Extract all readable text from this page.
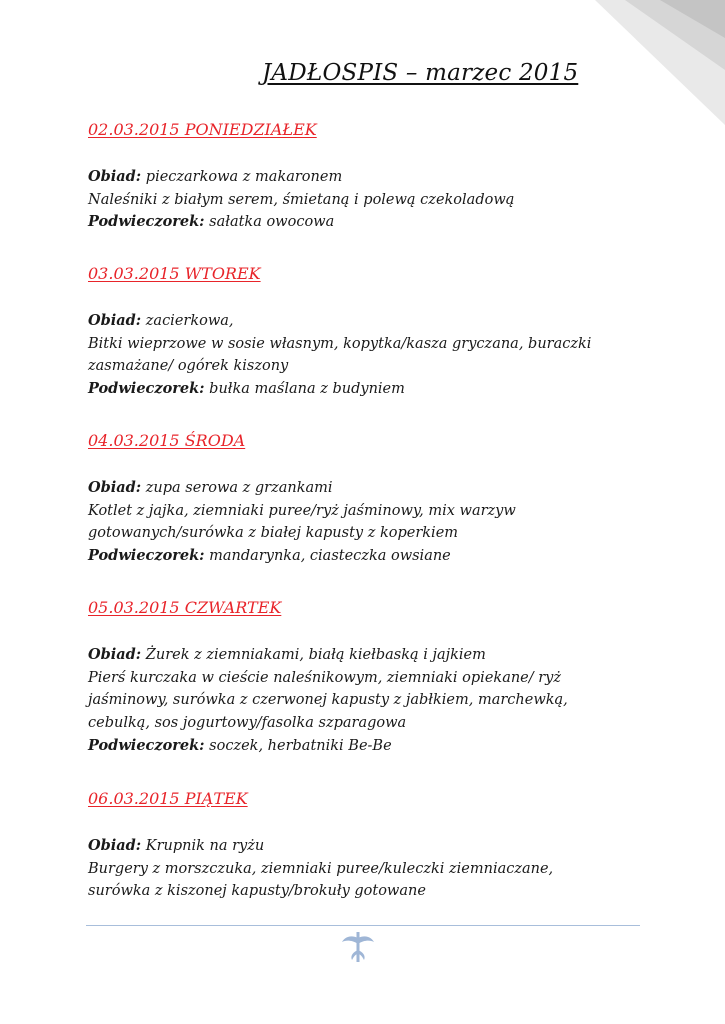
JADŁOSPIS – marzec 2015

02.03.2015 PONIEDZIAŁEK

Obiad: pieczarkowa z makaronem

Naleśniki z białym serem, śmietaną i polewą czekoladową

Podwieczorek: sałatka owocowa

03.03.2015 WTOREK

Obiad: zacierkowa,

Bitki wieprzowe w sosie własnym, kopytka/kasza gryczana, buraczki

zasmażane/ ogórek kiszony

Podwieczorek: bułka maślana z budyniem

04.03.2015 ŚRODA

Obiad: zupa serowa z grzankami

Kotlet z jajka, ziemniaki puree/ryż jaśminowy, mix warzyw

gotowanych/surówka z białej kapusty z koperkiem

Podwieczorek: mandarynka, ciasteczka owsiane

05.03.2015 CZWARTEK

Obiad: Żurek z ziemniakami, białą kiełbaską i jajkiem

Pierś kurczaka w cieście naleśnikowym, ziemniaki opiekane/ ryż

jaśminowy, surówka z czerwonej kapusty z jabłkiem, marchewką,

cebulką, sos jogurtowy/fasolka szparagowa

Podwieczorek: soczek, herbatniki Be-Be

06.03.2015 PIĄTEK

Obiad: Krupnik na ryżu

Burgery z morszczuka, ziemniaki puree/kuleczki ziemniaczane,

surówka z kiszonej kapusty/brokuły gotowane
